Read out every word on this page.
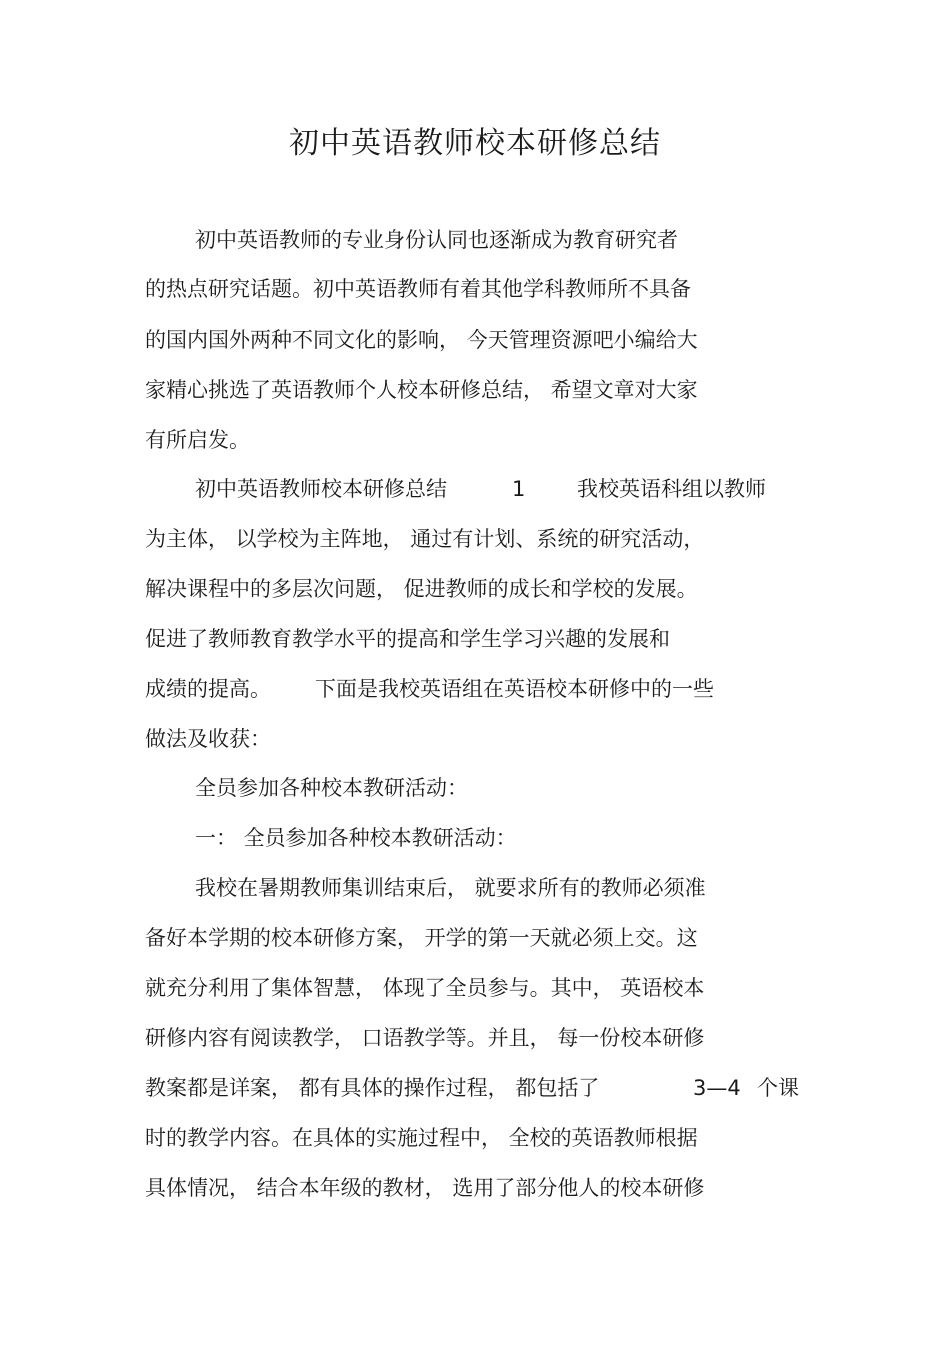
初中英语教师校本研修总结
初中英语教师的专业身份认同也逐渐成为教育研究者
的热点研究话题。初中英语教师有着其他学科教师所不具备
的国内国外两种不同文化的影响， 今天管理资源吧小编给大
家精心挑选了英语教师个人校本研修总结， 希望文章对大家
有所启发。
初中英语教师校本研修总结	1 我校英语科组以教师
为主体， 以学校为主阵地， 通过有计划、系统的研究活动，
解决课程中的多层次问题， 促进教师的成长和学校的发展。
促进了教师教育教学水平的提高和学生学习兴趣的发展和
成绩的提高。 下面是我校英语组在英语校本研修中的一些
做法及收获：
全员参加各种校本教研活动：
一： 全员参加各种校本教研活动：
我校在暑期教师集训结束后， 就要求所有的教师必须准
备好本学期的校本研修方案， 开学的第一天就必须上交。这
就充分利用了集体智慧， 体现了全员参与。其中， 英语校本
研修内容有阅读教学， 口语教学等。并且， 每一份校本研修
教案都是详案， 都有具体的操作过程， 都包括了	3—4 个课
时的教学内容。在具体的实施过程中， 全校的英语教师根据
具体情况， 结合本年级的教材， 选用了部分他人的校本研修
